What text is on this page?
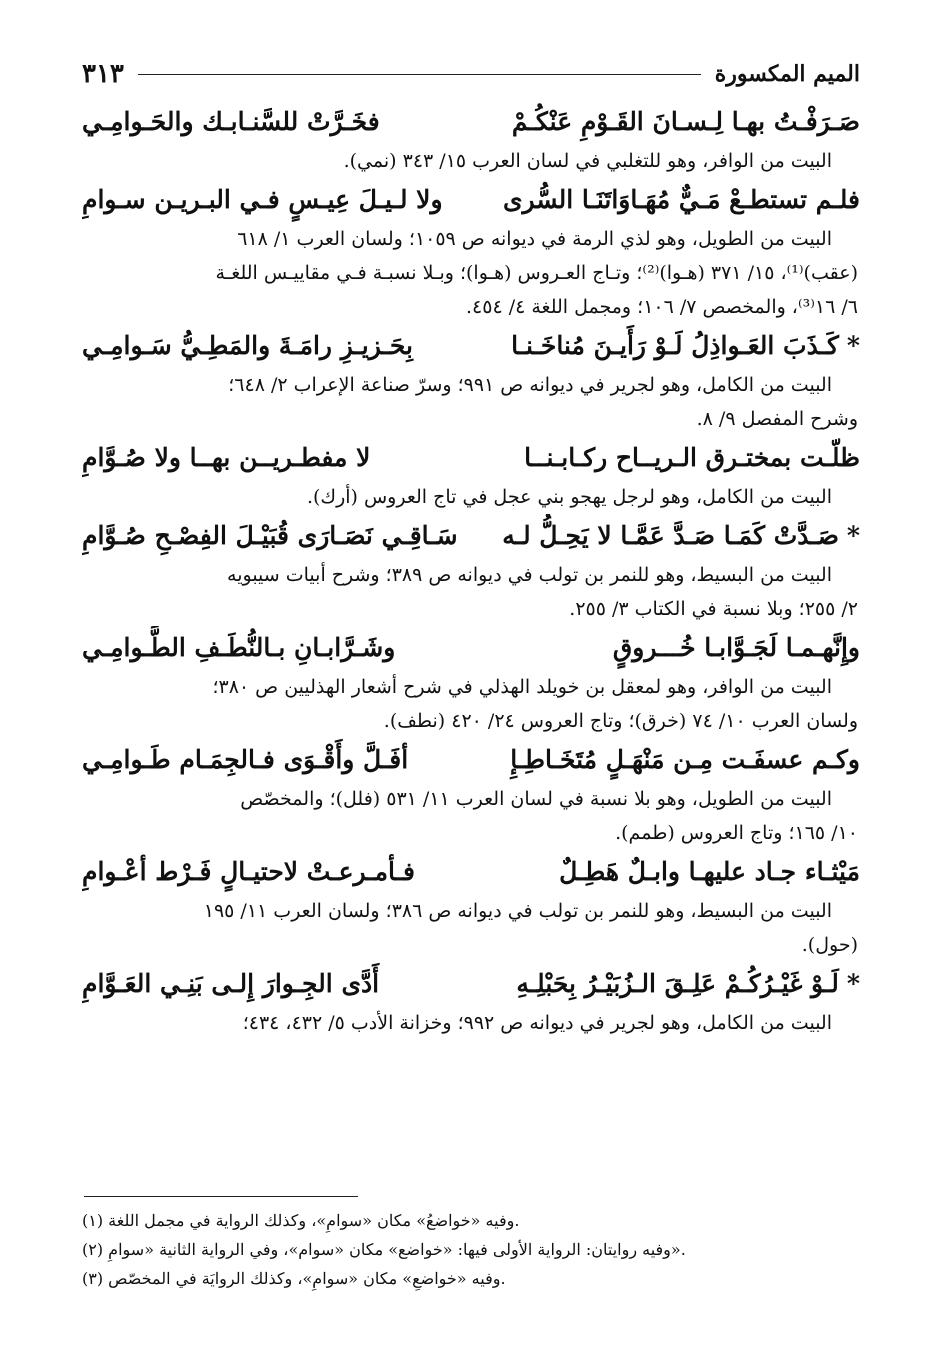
الميم المكسورة
٣١٣
صَـرَفْـتُ بهـا لِـسـانَ القَـوْمِ عَنْكُـمْ
فخَـرَّتْ للسَّنـابـك والحَـوامِـي
البيت من الوافر، وهو للتغلبي في لسان العرب ١٥/ ٣٤٣ (نمي).
فلـم تستطـعْ مَـيٌّ مُهَـاوَاتَنَـا السُّرى
ولا لـيـلَ عِيـسٍ فـي البـريـن سـوامِ
البيت من الطويل، وهو لذي الرمة في ديوانه ص ١٠٥٩؛ ولسان العرب ١/ ٦١٨
(عقب)⁽¹⁾، ١٥/ ٣٧١ (هـوا)⁽²⁾؛ وتـاج العـروس (هـوا)؛ وبـلا نسبـة فـي مقاييـس اللغـة
٦/ ١٦⁽³⁾، والمخصص ٧/ ١٠٦؛ ومجمل اللغة ٤/ ٤٥٤.
*
كَـذَبَ العَـواذِلُ لَـوْ رَأَيـنَ مُناخَـنـا
بِحَـزيـزِ رامَـةَ والمَطِـيُّ سَـوامِـي
البيت من الكامل، وهو لجرير في ديوانه ص ٩٩١؛ وسرّ صناعة الإعراب ٢/ ٦٤٨؛
وشرح المفصل ٩/ ٨.
ظلّـت بمختـرق الـريــاح ركـابـنــا
لا مفطـريــن بهــا ولا صُـوَّامِ
البيت من الكامل، وهو لرجل يهجو بني عجل في تاج العروس (أرك).
*
صَـدَّتْ كَمَـا صَـدَّ عَمَّـا لا يَحِـلُّ لـه
سَـاقِـي نَصَـارَى قُبَيْـلَ الفِصْـحِ صُـوَّامِ
البيت من البسيط، وهو للنمر بن تولب في ديوانه ص ٣٨٩؛ وشرح أبيات سيبويه
٢/ ٢٥٥؛ وبلا نسبة في الكتاب ٣/ ٢٥٥.
وإِنَّهـمـا لَجَـوَّابـا خُـــروقٍ
وشَـرَّابـانِ بـالنُّطَـفِ الطَّـوامِـي
البيت من الوافر، وهو لمعقل بن خويلد الهذلي في شرح أشعار الهذليين ص ٣٨٠؛
ولسان العرب ١٠/ ٧٤ (خرق)؛ وتاج العروس ٢٤/ ٤٢٠ (نطف).
وكـم عسفَـت مِـن مَنْهَـلٍ مُتَخَـاطِـإِ
أفَـلَّ وأَقْـوَى فـالجِمَـام طَـوامِـي
البيت من الطويل، وهو بلا نسبة في لسان العرب ١١/ ٥٣١ (فلل)؛ والمخصّص
١٠/ ١٦٥؛ وتاج العروس (طمم).
مَيْثـاء جـاد عليهـا وابـلٌ هَطِـلٌ
فـأمـرعـتْ لاحتيـالٍ فَـرْط أعْـوامِ
البيت من البسيط، وهو للنمر بن تولب في ديوانه ص ٣٨٦؛ ولسان العرب ١١/ ١٩٥
(حول).
*
لَـوْ غَيْـرُكُـمْ عَلِـقَ الـزُبَيْـرُ بِحَبْلِـهِ
أَدَّى الجِـوارَ إِلـى بَنِـي العَـوَّامِ
البيت من الكامل، وهو لجرير في ديوانه ص ٩٩٢؛ وخزانة الأدب ٥/ ٤٣٢، ٤٣٤؛
(١) وفيه «خواضعُ» مكان «سوامِ»، وكذلك الرواية في مجمل اللغة.
(٢) وفيه روايتان: الرواية الأولى فيها: «خواضع» مكان «سوام»، وفي الرواية الثانية «سوامِ».
(٣) وفيه «خواضعِ» مكان «سوامِ»، وكذلك الروايَة في المخصّص.
